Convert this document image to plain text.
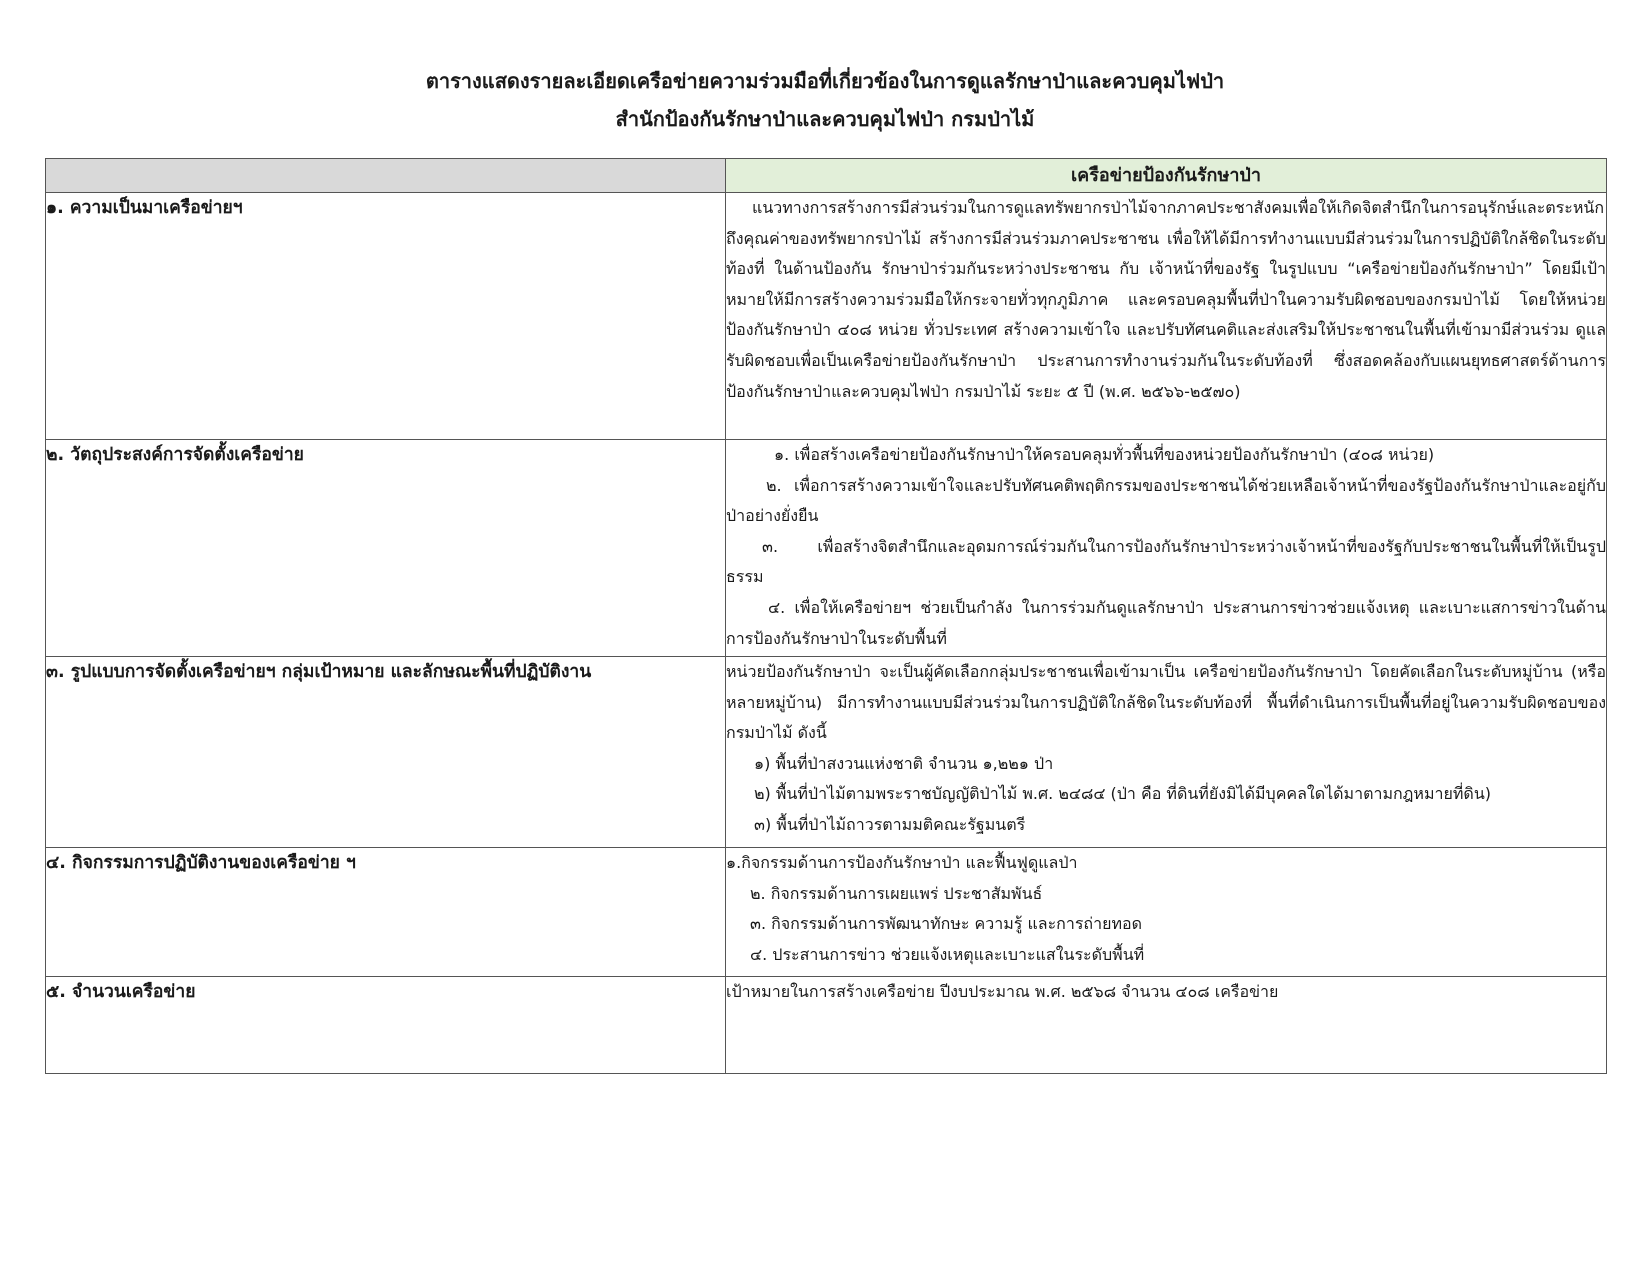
ตารางแสดงรายละเอียดเครือข่ายความร่วมมือที่เกี่ยวข้องในการดูแลรักษาป่าและควบคุมไฟป่า
สำนักป้องกันรักษาป่าและควบคุมไฟป่า กรมป่าไม้
	เครือข่ายป้องกันรักษาป่า
๑. ความเป็นมาเครือข่ายฯ	แนวทางการสร้างการมีส่วนร่วมในการดูแลทรัพยากรป่าไม้จากภาคประชาสังคมเพื่อให้เกิดจิตสำนึกในการอนุรักษ์และตระหนักถึงคุณค่าของทรัพยากรป่าไม้ สร้างการมีส่วนร่วมภาคประชาชน เพื่อให้ได้มีการทำงานแบบมีส่วนร่วมในการปฏิบัติใกล้ชิดในระดับท้องที่ ในด้านป้องกัน รักษาป่าร่วมกันระหว่างประชาชน กับ เจ้าหน้าที่ของรัฐ ในรูปแบบ “เครือข่ายป้องกันรักษาป่า” โดยมีเป้าหมายให้มีการสร้างความร่วมมือให้กระจายทั่วทุกภูมิภาค และครอบคลุมพื้นที่ป่าในความรับผิดชอบของกรมป่าไม้ โดยให้หน่วยป้องกันรักษาป่า ๔๐๘ หน่วย ทั่วประเทศ สร้างความเข้าใจ และปรับทัศนคติและส่งเสริมให้ประชาชนในพื้นที่เข้ามามีส่วนร่วม ดูแลรับผิดชอบเพื่อเป็นเครือข่ายป้องกันรักษาป่า ประสานการทำงานร่วมกันในระดับท้องที่ ซึ่งสอดคล้องกับแผนยุทธศาสตร์ด้านการป้องกันรักษาป่าและควบคุมไฟป่า กรมป่าไม้ ระยะ ๕ ปี (พ.ศ. ๒๕๖๖-๒๕๗๐)

๒. วัตถุประสงค์การจัดตั้งเครือข่าย	๑. เพื่อสร้างเครือข่ายป้องกันรักษาป่าให้ครอบคลุมทั่วพื้นที่ของหน่วยป้องกันรักษาป่า (๔๐๘ หน่วย)

๒. เพื่อการสร้างความเข้าใจและปรับทัศนคติพฤติกรรมของประชาชนได้ช่วยเหลือเจ้าหน้าที่ของรัฐป้องกันรักษาป่าและอยู่กับป่าอย่างยั่งยืน

๓. เพื่อสร้างจิตสำนึกและอุดมการณ์ร่วมกันในการป้องกันรักษาป่าระหว่างเจ้าหน้าที่ของรัฐกับประชาชนในพื้นที่ให้เป็นรูปธรรม

๔. เพื่อให้เครือข่ายฯ ช่วยเป็นกำลัง ในการร่วมกันดูแลรักษาป่า ประสานการข่าวช่วยแจ้งเหตุ และเบาะแสการข่าวในด้านการป้องกันรักษาป่าในระดับพื้นที่

๓. รูปแบบการจัดตั้งเครือข่ายฯ กลุ่มเป้าหมาย และลักษณะพื้นที่ปฏิบัติงาน	หน่วยป้องกันรักษาป่า จะเป็นผู้คัดเลือกกลุ่มประชาชนเพื่อเข้ามาเป็น เครือข่ายป้องกันรักษาป่า โดยคัดเลือกในระดับหมู่บ้าน (หรือหลายหมู่บ้าน) มีการทำงานแบบมีส่วนร่วมในการปฏิบัติใกล้ชิดในระดับท้องที่ พื้นที่ดำเนินการเป็นพื้นที่อยู่ในความรับผิดชอบของกรมป่าไม้ ดังนี้

๑) พื้นที่ป่าสงวนแห่งชาติ จำนวน ๑,๒๒๑ ป่า

๒) พื้นที่ป่าไม้ตามพระราชบัญญัติป่าไม้ พ.ศ. ๒๔๘๔ (ป่า คือ ที่ดินที่ยังมิได้มีบุคคลใดได้มาตามกฎหมายที่ดิน)

๓) พื้นที่ป่าไม้ถาวรตามมติคณะรัฐมนตรี

๔. กิจกรรมการปฏิบัติงานของเครือข่าย ฯ	๑.กิจกรรมด้านการป้องกันรักษาป่า และฟื้นฟูดูแลป่า

๒. กิจกรรมด้านการเผยแพร่ ประชาสัมพันธ์

๓. กิจกรรมด้านการพัฒนาทักษะ ความรู้ และการถ่ายทอด

๔. ประสานการข่าว ช่วยแจ้งเหตุและเบาะแสในระดับพื้นที่

๕. จำนวนเครือข่าย	เป้าหมายในการสร้างเครือข่าย ปีงบประมาณ พ.ศ. ๒๕๖๘ จำนวน ๔๐๘ เครือข่าย
